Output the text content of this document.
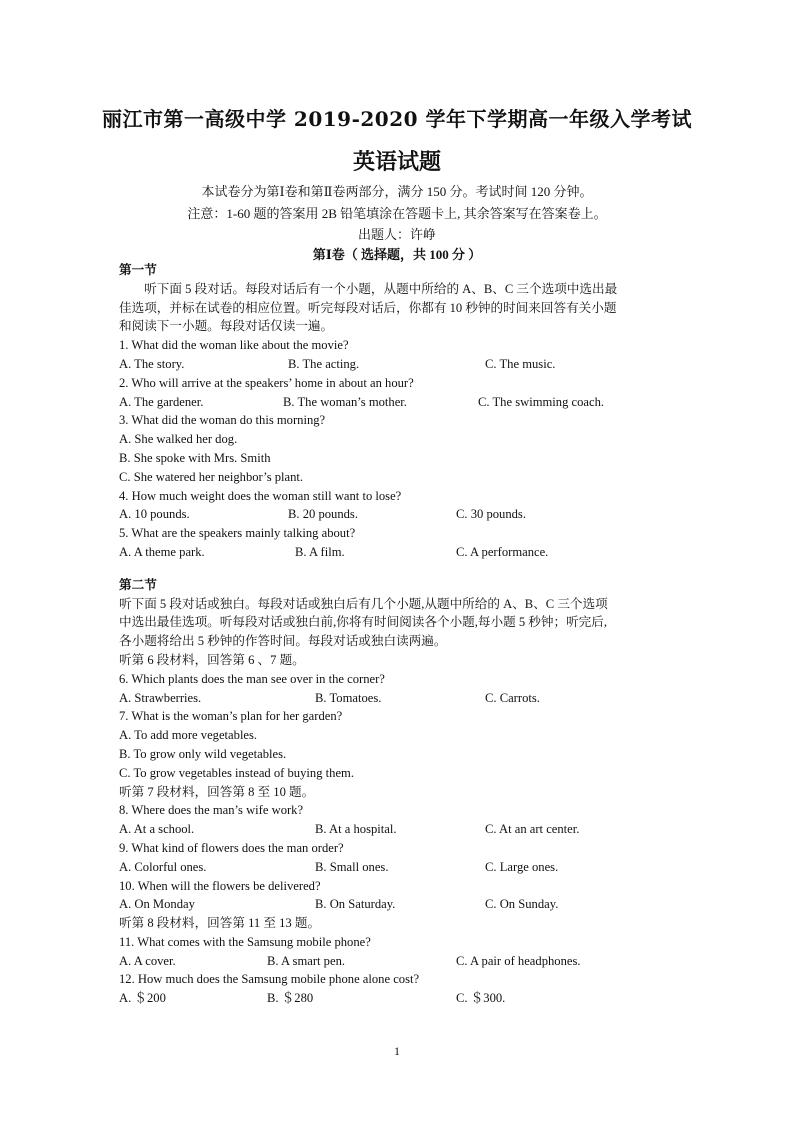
丽江市第一高级中学 2019-2020 学年下学期高一年级入学考试
英语试题
本试卷分为第Ⅰ卷和第Ⅱ卷两部分，满分 150 分。考试时间 120 分钟。
注意：1-60 题的答案用 2B 铅笔填涂在答题卡上, 其余答案写在答案卷上。
出题人：许峥
第Ⅰ卷（ 选择题，共 100 分 ）
第一节
　　听下面 5 段对话。每段对话后有一个小题，从题中所给的 A、B、C 三个选项中选出最
佳选项，并标在试卷的相应位置。听完每段对话后，你都有 10 秒钟的时间来回答有关小题
和阅读下一小题。每段对话仅读一遍。
1. What did the woman like about the movie?
A. The story.	B. The acting.	C. The music.
2. Who will arrive at the speakers’ home in about an hour?
A. The gardener.	B. The woman’s mother.	C. The swimming coach.
3. What did the woman do this morning?
A. She walked her dog.
B. She spoke with Mrs. Smith
C. She watered her neighbor’s plant.
4. How much weight does the woman still want to lose?
A. 10 pounds.	B. 20 pounds.	C. 30 pounds.
5. What are the speakers mainly talking about?
A. A theme park.	B. A film.	C. A performance.
第二节
听下面 5 段对话或独白。每段对话或独白后有几个小题,从题中所给的 A、B、C 三个选项
中选出最佳选项。听每段对话或独白前,你将有时间阅读各个小题,每小题 5 秒钟；听完后,
各小题将给出 5 秒钟的作答时间。每段对话或独白读两遍。
听第 6 段材料，回答第 6 、7 题。
6. Which plants does the man see over in the corner?
A. Strawberries.	B. Tomatoes.	C. Carrots.
7. What is the woman’s plan for her garden?
A. To add more vegetables.
B. To grow only wild vegetables.
C. To grow vegetables instead of buying them.
听第 7 段材料，回答第 8 至 10 题。
8. Where does the man’s wife work?
A. At a school.	B. At a hospital.	C. At an art center.
9. What kind of flowers does the man order?
A. Colorful ones.	B. Small ones.	C. Large ones.
10. When will the flowers be delivered?
A. On Monday	B. On Saturday.	C. On Sunday.
听第 8 段材料，回答第 11 至 13 题。
11. What comes with the Samsung mobile phone?
A. A cover.	B. A smart pen.	C. A pair of headphones.
12. How much does the Samsung mobile phone alone cost?
A. ＄200	B. ＄280	C. ＄300.
1
